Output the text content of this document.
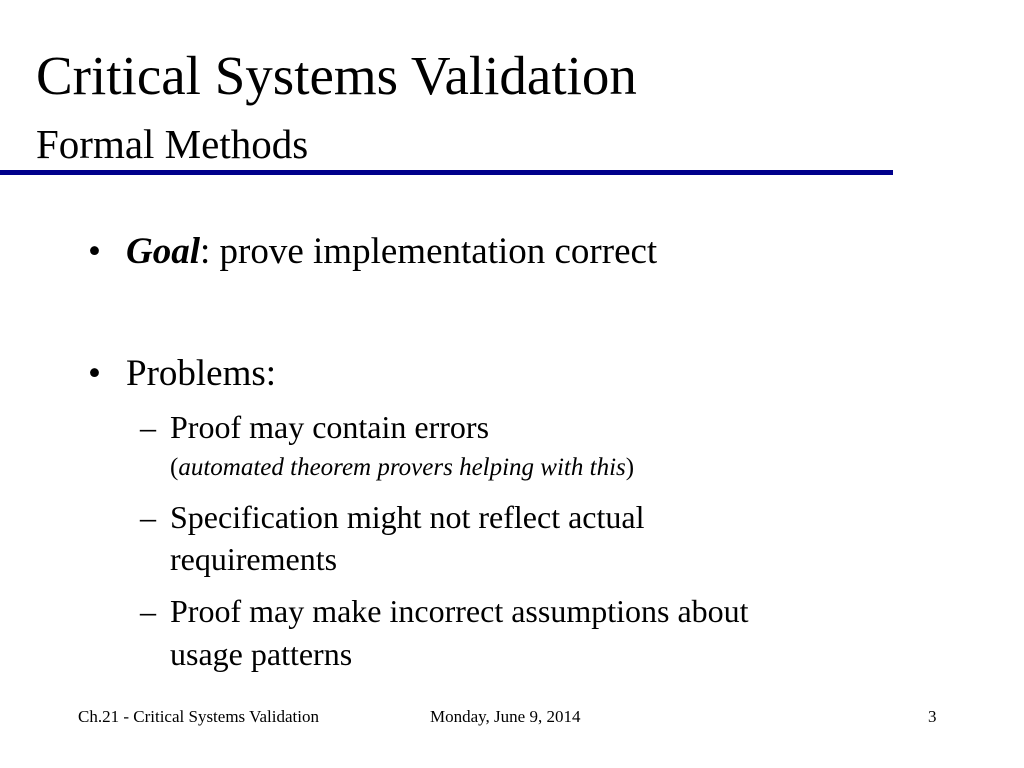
Critical Systems Validation
Formal Methods
• Goal: prove implementation correct
• Problems:
– Proof may contain errors
(automated theorem provers helping with this)
– Specification might not reflect actual
requirements
– Proof may make incorrect assumptions about
usage patterns
Ch.21 - Critical Systems Validation	Monday, June 9, 2014	3
